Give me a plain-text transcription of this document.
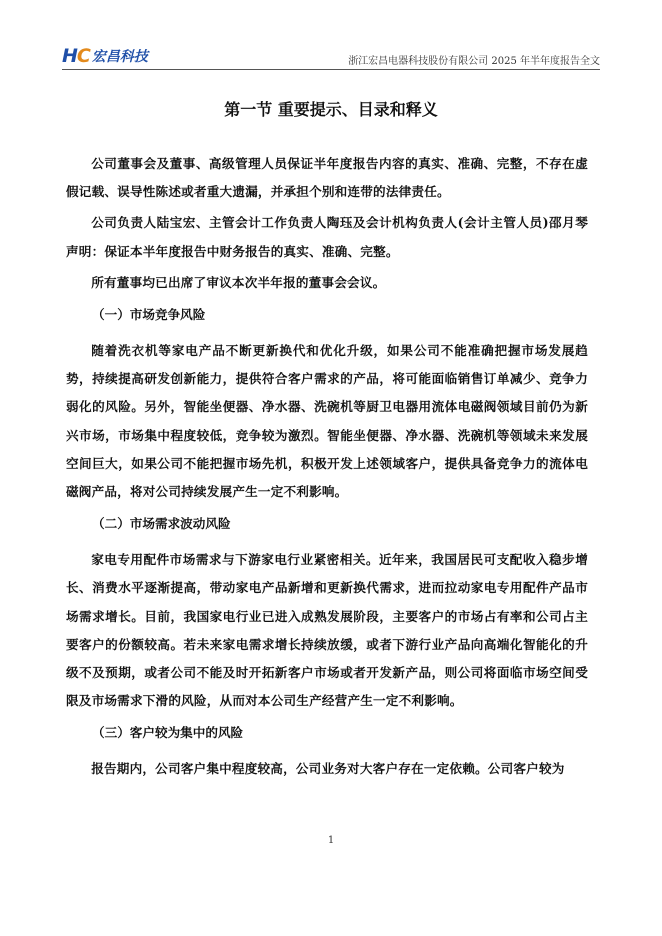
HC 宏昌科技	浙江宏昌电器科技股份有限公司 2025 年半年度报告全文
第一节 重要提示、目录和释义

公司董事会及董事、高级管理人员保证半年度报告内容的真实、准确、完整，不存在虚假记载、误导性陈述或者重大遗漏，并承担个别和连带的法律责任。

公司负责人陆宝宏、主管会计工作负责人陶珏及会计机构负责人(会计主管人员)邵月琴声明：保证本半年度报告中财务报告的真实、准确、完整。

所有董事均已出席了审议本次半年报的董事会会议。

（一）市场竞争风险

随着洗衣机等家电产品不断更新换代和优化升级，如果公司不能准确把握市场发展趋势，持续提高研发创新能力，提供符合客户需求的产品，将可能面临销售订单减少、竞争力弱化的风险。另外，智能坐便器、净水器、洗碗机等厨卫电器用流体电磁阀领域目前仍为新兴市场，市场集中程度较低，竞争较为激烈。智能坐便器、净水器、洗碗机等领域未来发展空间巨大，如果公司不能把握市场先机，积极开发上述领域客户，提供具备竞争力的流体电磁阀产品，将对公司持续发展产生一定不利影响。

（二）市场需求波动风险

家电专用配件市场需求与下游家电行业紧密相关。近年来，我国居民可支配收入稳步增长、消费水平逐渐提高，带动家电产品新增和更新换代需求，进而拉动家电专用配件产品市场需求增长。目前，我国家电行业已进入成熟发展阶段，主要客户的市场占有率和公司占主要客户的份额较高。若未来家电需求增长持续放缓，或者下游行业产品向高端化智能化的升级不及预期，或者公司不能及时开拓新客户市场或者开发新产品，则公司将面临市场空间受限及市场需求下滑的风险，从而对本公司生产经营产生一定不利影响。

（三）客户较为集中的风险

报告期内，公司客户集中程度较高，公司业务对大客户存在一定依赖。公司客户较为

1
